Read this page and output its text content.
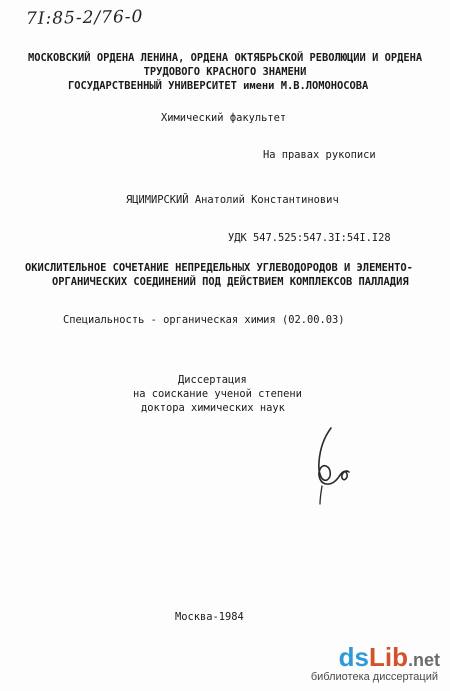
7I:85-2/76-0
МОСКОВСКИЙ ОРДЕНА ЛЕНИНА, ОРДЕНА ОКТЯБРЬСКОЙ РЕВОЛЮЦИИ И ОРДЕНА
ТРУДОВОГО КРАСНОГО ЗНАМЕНИ
ГОСУДАРСТВЕННЫЙ УНИВЕРСИТЕТ имени М.В.ЛОМОНОСОВА
Химический факультет
На правах рукописи
ЯЦИМИРСКИЙ Анатолий Константинович
УДК 547.525:547.3I:54I.I28
ОКИСЛИТЕЛЬНОЕ СОЧЕТАНИЕ НЕПРЕДЕЛЬНЫХ УГЛЕВОДОРОДОВ И ЭЛЕМЕНТО-
ОРГАНИЧЕСКИХ СОЕДИНЕНИЙ ПОД ДЕЙСТВИЕМ КОМПЛЕКСОВ ПАЛЛАДИЯ
Специальность - органическая химия (02.00.03)
Диссертация
на соискание ученой степени
доктора химических наук
Москва-1984
dsLib.net
библиотека диссертаций
